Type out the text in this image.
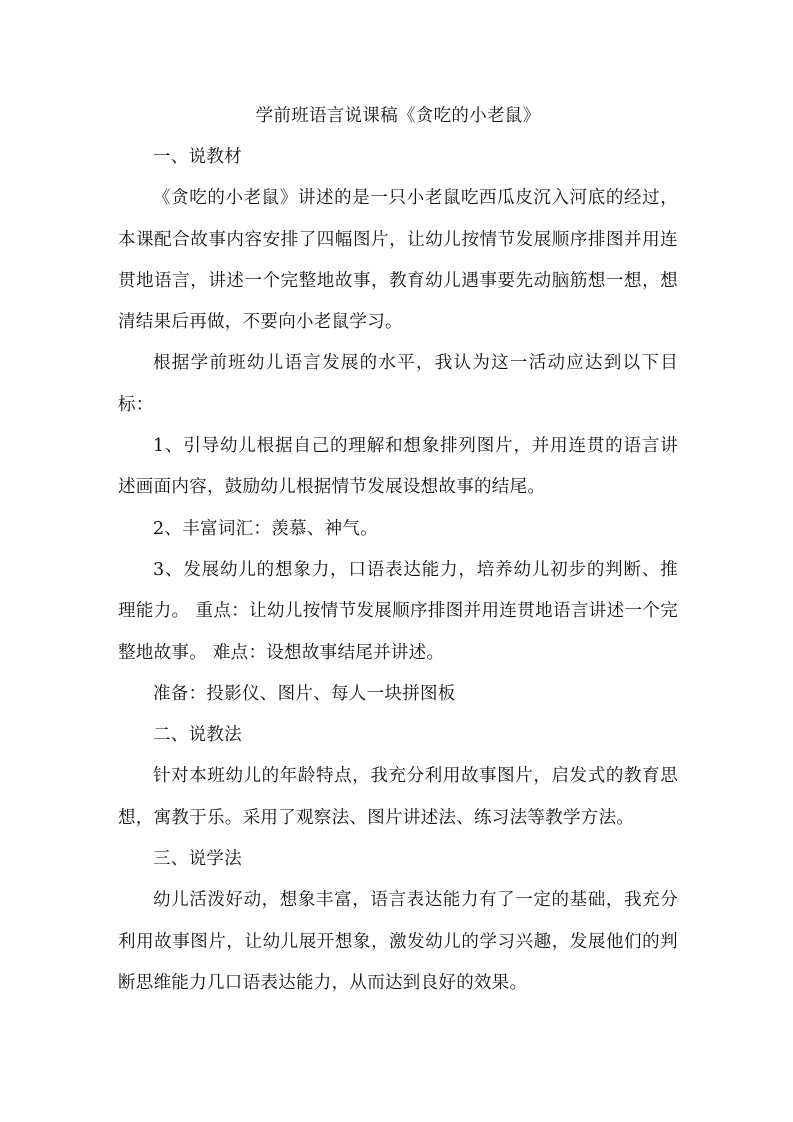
学前班语言说课稿《贪吃的小老鼠》

一、说教材

《贪吃的小老鼠》讲述的是一只小老鼠吃西瓜皮沉入河底的经过，本课配合故事内容安排了四幅图片，让幼儿按情节发展顺序排图并用连贯地语言，讲述一个完整地故事，教育幼儿遇事要先动脑筋想一想，想清结果后再做，不要向小老鼠学习。

根据学前班幼儿语言发展的水平，我认为这一活动应达到以下目标：

1、引导幼儿根据自己的理解和想象排列图片，并用连贯的语言讲述画面内容，鼓励幼儿根据情节发展设想故事的结尾。

2、丰富词汇：羡慕、神气。

3、发展幼儿的想象力，口语表达能力，培养幼儿初步的判断、推理能力。 重点：让幼儿按情节发展顺序排图并用连贯地语言讲述一个完整地故事。 难点：设想故事结尾并讲述。

准备：投影仪、图片、每人一块拼图板

二、说教法

针对本班幼儿的年龄特点，我充分利用故事图片，启发式的教育思想，寓教于乐。采用了观察法、图片讲述法、练习法等教学方法。

三、说学法

幼儿活泼好动，想象丰富，语言表达能力有了一定的基础，我充分利用故事图片，让幼儿展开想象，激发幼儿的学习兴趣，发展他们的判断思维能力几口语表达能力，从而达到良好的效果。
